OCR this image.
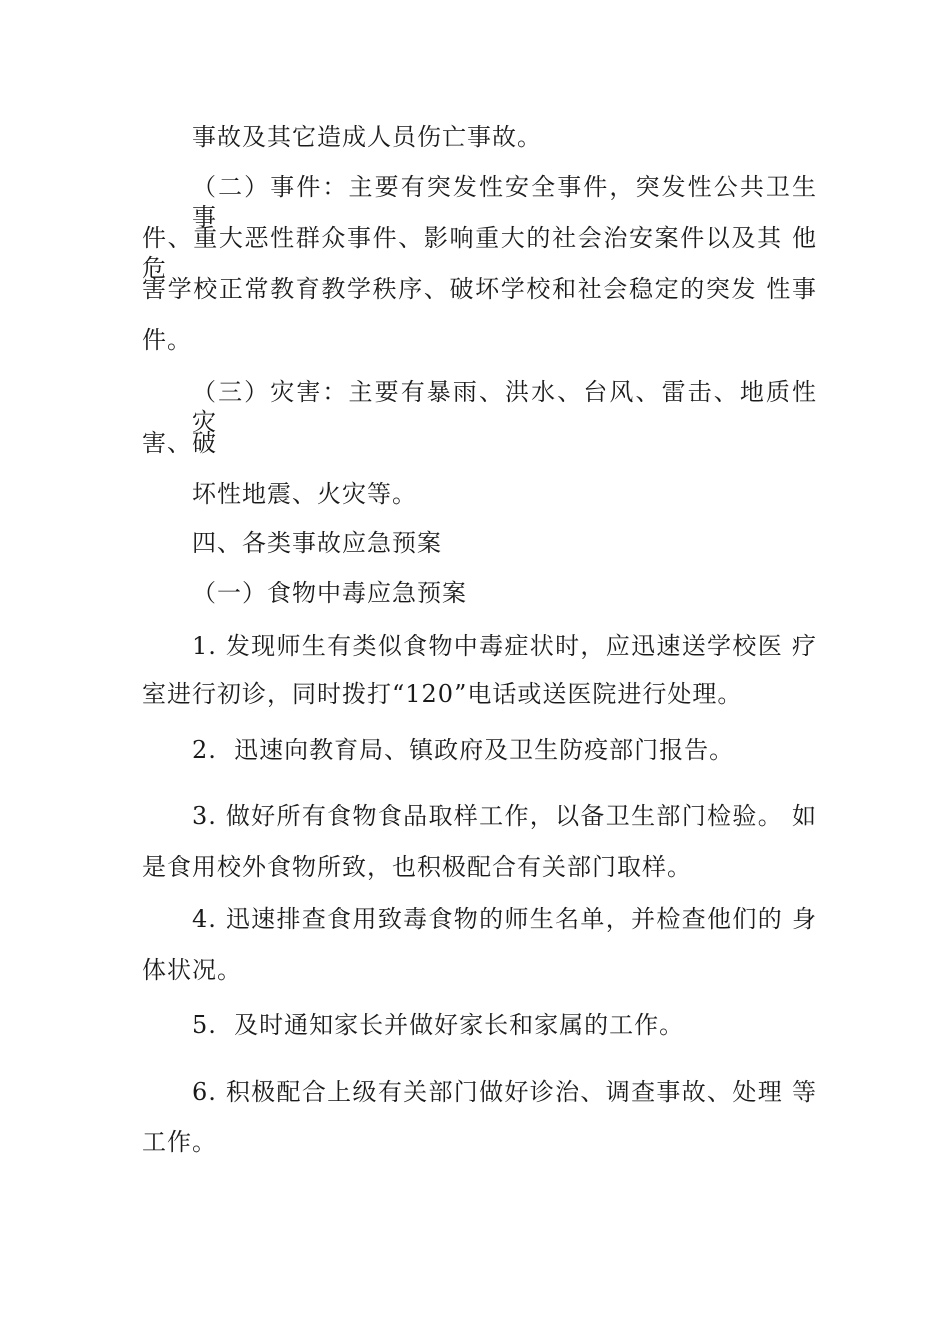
事故及其它造成人员伤亡事故。
（二）事件：主要有突发性安全事件，突发性公共卫生 事
件、重大恶性群众事件、影响重大的社会治安案件以及其 他危
害学校正常教育教学秩序、破坏学校和社会稳定的突发 性事
件。
（三）灾害：主要有暴雨、洪水、台风、雷击、地质性 灾
害、破
坏性地震、火灾等。
四、各类事故应急预案
（一）食物中毒应急预案
1. 发现师生有类似食物中毒症状时，应迅速送学校医 疗
室进行初诊，同时拨打“120”电话或送医院进行处理。
2.  迅速向教育局、镇政府及卫生防疫部门报告。
3. 做好所有食物食品取样工作，以备卫生部门检验。 如
是食用校外食物所致，也积极配合有关部门取样。
4. 迅速排查食用致毒食物的师生名单，并检查他们的 身
体状况。
5.  及时通知家长并做好家长和家属的工作。
6. 积极配合上级有关部门做好诊治、调查事故、处理 等
工作。
